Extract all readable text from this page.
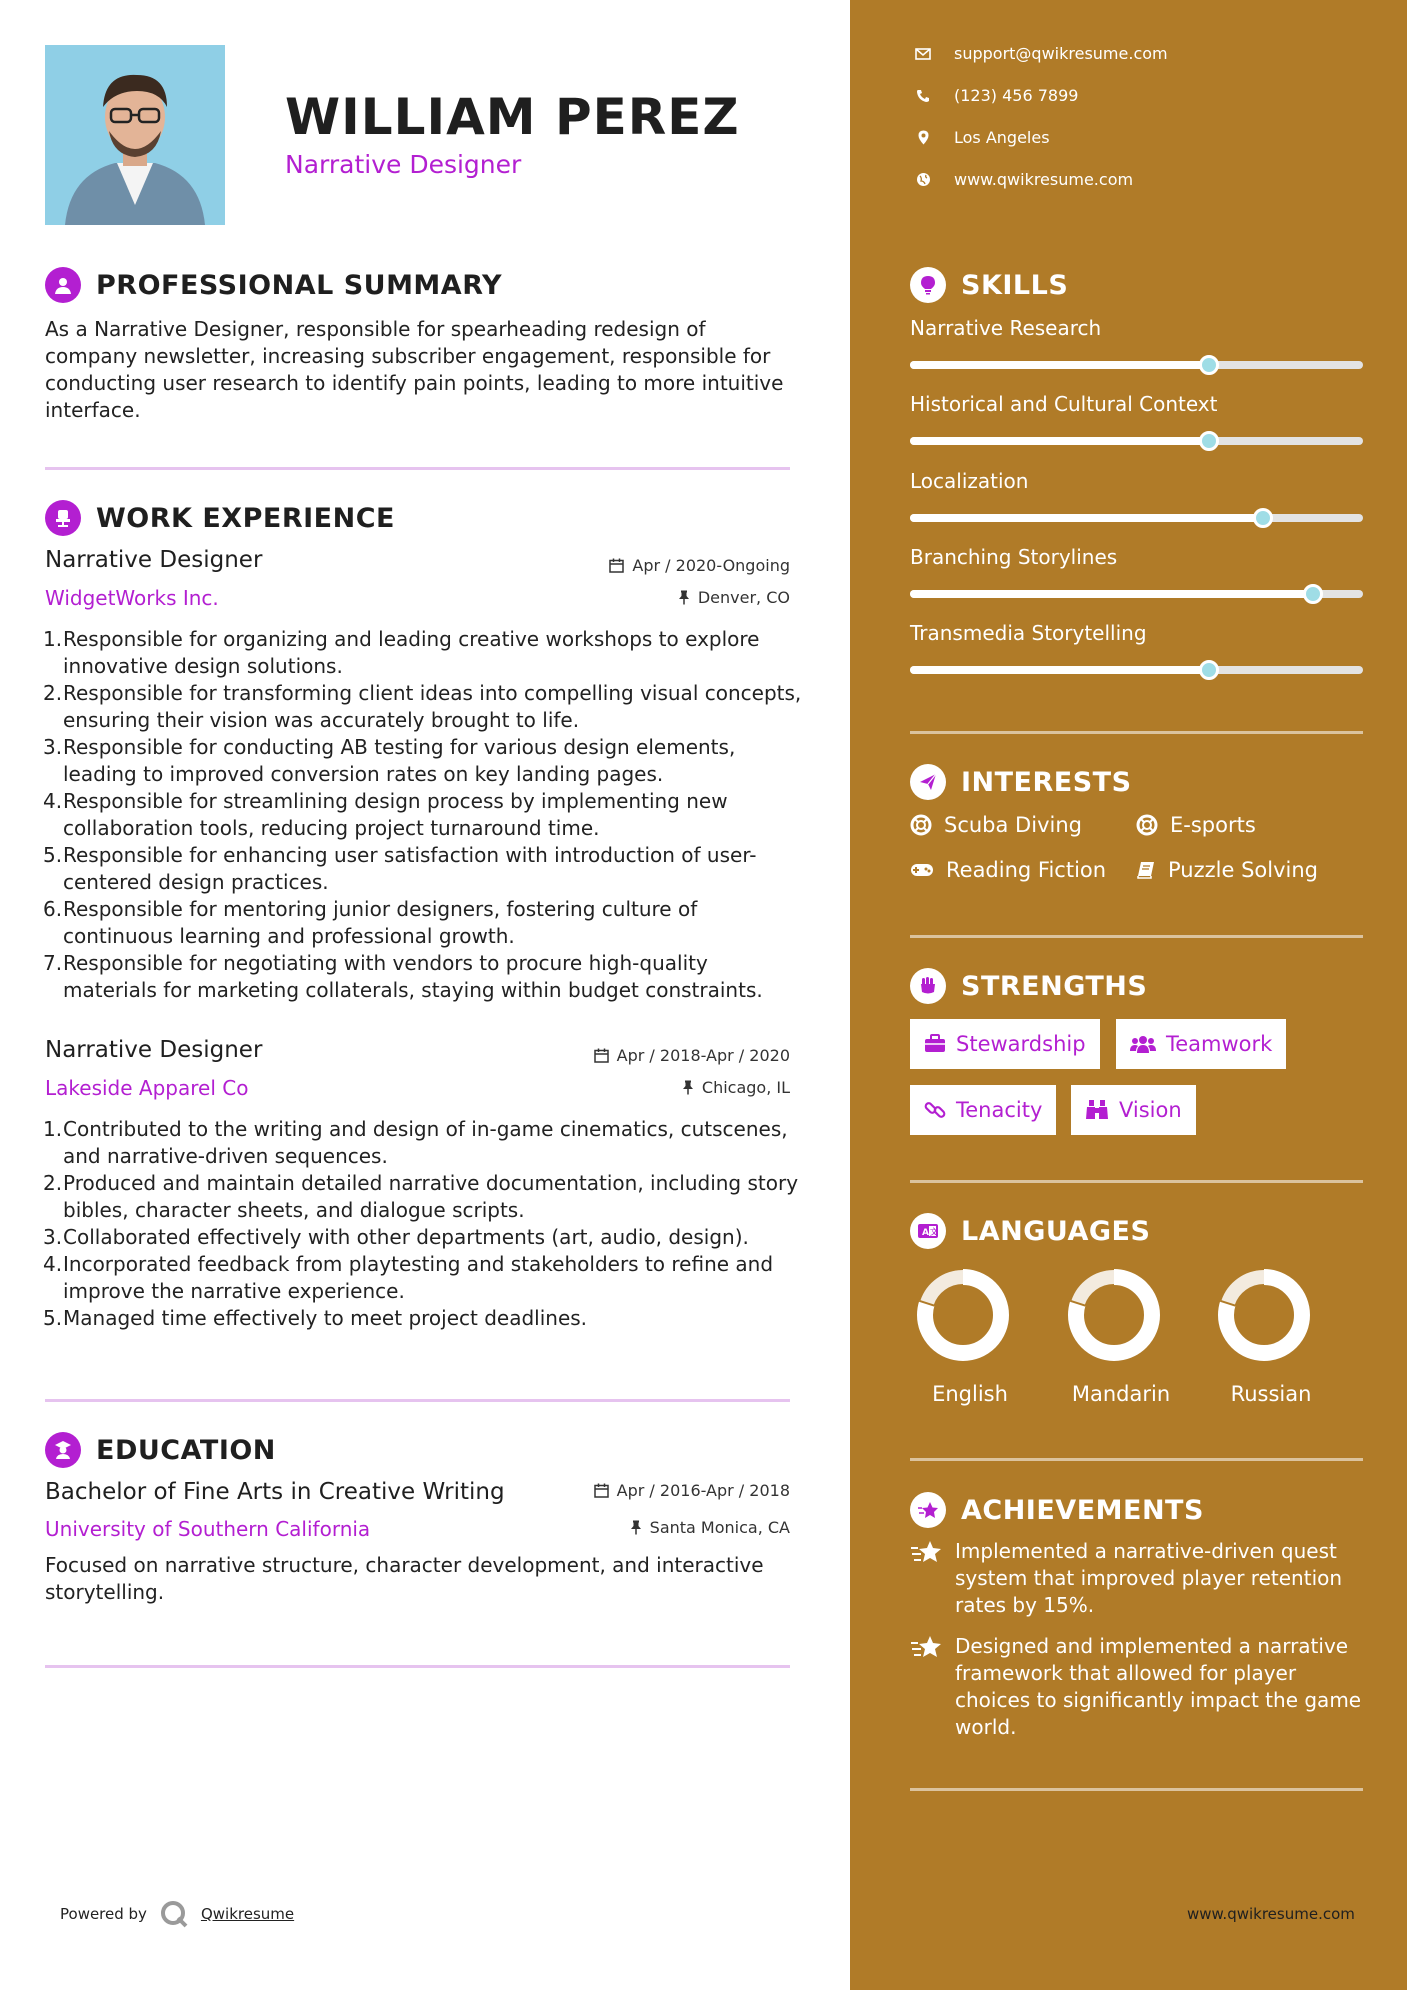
WILLIAM PEREZ
Narrative Designer
PROFESSIONAL SUMMARY
As a Narrative Designer, responsible for spearheading redesign of company newsletter, increasing subscriber engagement, responsible for conducting user research to identify pain points, leading to more intuitive interface.
WORK EXPERIENCE
Narrative Designer	Apr / 2020-Ongoing
WidgetWorks Inc.	Denver, CO
1. Responsible for organizing and leading creative workshops to explore innovative design solutions.
2. Responsible for transforming client ideas into compelling visual concepts, ensuring their vision was accurately brought to life.
3. Responsible for conducting AB testing for various design elements, leading to improved conversion rates on key landing pages.
4. Responsible for streamlining design process by implementing new collaboration tools, reducing project turnaround time.
5. Responsible for enhancing user satisfaction with introduction of user-centered design practices.
6. Responsible for mentoring junior designers, fostering culture of continuous learning and professional growth.
7. Responsible for negotiating with vendors to procure high-quality materials for marketing collaterals, staying within budget constraints.
Narrative Designer	Apr / 2018-Apr / 2020
Lakeside Apparel Co	Chicago, IL
1. Contributed to the writing and design of in-game cinematics, cutscenes, and narrative-driven sequences.
2. Produced and maintain detailed narrative documentation, including story bibles, character sheets, and dialogue scripts.
3. Collaborated effectively with other departments (art, audio, design).
4. Incorporated feedback from playtesting and stakeholders to refine and improve the narrative experience.
5. Managed time effectively to meet project deadlines.
EDUCATION
Bachelor of Fine Arts in Creative Writing	Apr / 2016-Apr / 2018
University of Southern California	Santa Monica, CA
Focused on narrative structure, character development, and interactive storytelling.
Powered by	Qwikresume
support@qwikresume.com
(123) 456 7899
Los Angeles
www.qwikresume.com
SKILLS
Narrative Research
Historical and Cultural Context
Localization
Branching Storylines
Transmedia Storytelling
INTERESTS
Scuba Diving	E-sports
Reading Fiction	Puzzle Solving
STRENGTHS
Stewardship	Teamwork
Tenacity	Vision
A 文 LANGUAGES
English	Mandarin	Russian
ACHIEVEMENTS
Implemented a narrative-driven quest system that improved player retention rates by 15%.
Designed and implemented a narrative framework that allowed for player choices to significantly impact the game world.
www.qwikresume.com
